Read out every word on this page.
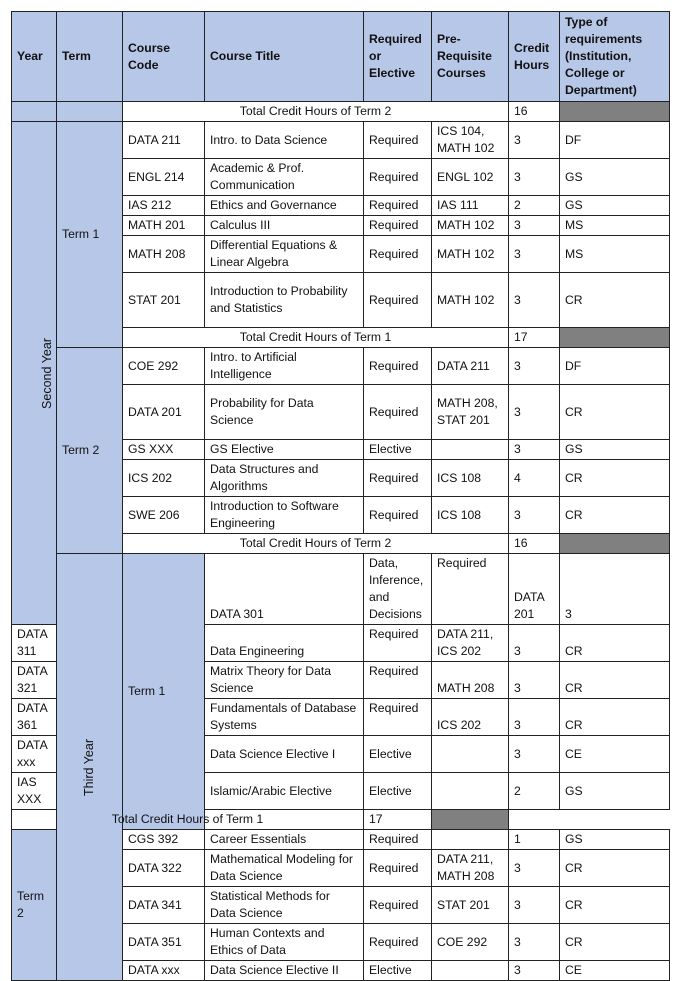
Year	Term	Course Code	Course Title	Required or Elective	Pre-Requisite Courses	Credit Hours	Type of requirements (Institution, College or Department)	
		Total Credit Hours of Term 2				16		
Second Year	Term 1	DATA 211	Intro. to Data Science	Required	ICS 104, MATH 102	3	DF	
		ENGL 214	Academic & Prof. Communication	Required	ENGL 102	3	GS	
		IAS 212	Ethics and Governance	Required	IAS 111	2	GS	
		MATH 201	Calculus III	Required	MATH 102	3	MS	
		MATH 208	Differential Equations & Linear Algebra	Required	MATH 102	3	MS	
		STAT 201	Introduction to Probability and Statistics	Required	MATH 102	3	CR	
		Total Credit Hours of Term 1				17		
	Term 2	COE 292	Intro. to Artificial Intelligence	Required	DATA 211	3	DF	
		DATA 201	Probability for Data Science	Required	MATH 208, STAT 201	3	CR	
		GS XXX	GS Elective	Elective		3	GS	
		ICS 202	Data Structures and Algorithms	Required	ICS 108	4	CR	
		SWE 206	Introduction to Software Engineering	Required	ICS 108	3	CR	
		Total Credit Hours of Term 2				16		
	Third Year	Term 1	DATA 301	Data, Inference, and Decisions	Required	DATA 201	3	
DATA 311			Data Engineering	Required	DATA 211, ICS 202	3	CR	
DATA 321			Matrix Theory for Data Science	Required	MATH 208	3	CR	
DATA 361			Fundamentals of Database Systems	Required	ICS 202	3	CR	
DATA xxx			Data Science Elective I	Elective		3	CE	
IAS XXX			Islamic/Arabic Elective	Elective		2	GS	
Total Credit Hours of Term 1				17				
Term 2		CGS 392	Career Essentials	Required		1	GS	
		DATA 322	Mathematical Modeling for Data Science	Required	DATA 211, MATH 208	3	CR	
		DATA 341	Statistical Methods for Data Science	Required	STAT 201	3	CR	
		DATA 351	Human Contexts and Ethics of Data	Required	COE 292	3	CR	
		DATA xxx	Data Science Elective II	Elective		3	CE	
